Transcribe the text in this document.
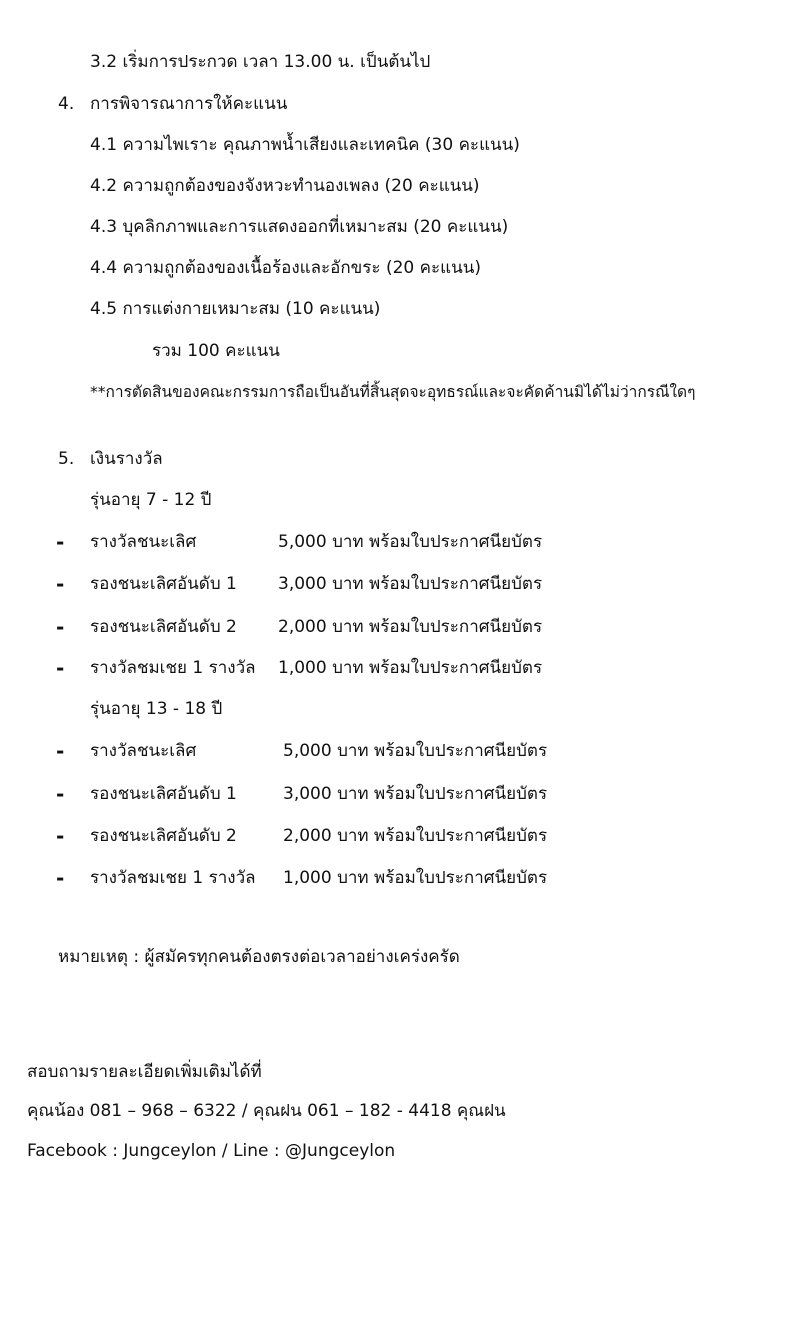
3.2 เริ่มการประกวด เวลา 13.00 น. เป็นต้นไป
4. การพิจารณาการให้คะแนน
4.1 ความไพเราะ คุณภาพน้ำเสียงและเทคนิค (30 คะแนน)
4.2 ความถูกต้องของจังหวะทำนองเพลง (20 คะแนน)
4.3 บุคลิกภาพและการแสดงออกที่เหมาะสม (20 คะแนน)
4.4 ความถูกต้องของเนื้อร้องและอักขระ (20 คะแนน)
4.5 การแต่งกายเหมาะสม (10 คะแนน)
รวม 100 คะแนน
**การตัดสินของคณะกรรมการถือเป็นอันที่สิ้นสุดจะอุทธรณ์และจะคัดค้านมิได้ไม่ว่ากรณีใดๆ
5. เงินรางวัล
รุ่นอายุ 7 - 12 ปี
- รางวัลชนะเลิศ	5,000 บาท พร้อมใบประกาศนียบัตร
- รองชนะเลิศอันดับ 1 3,000 บาท พร้อมใบประกาศนียบัตร
- รองชนะเลิศอันดับ 2 2,000 บาท พร้อมใบประกาศนียบัตร
- รางวัลชมเชย 1 รางวัล 1,000 บาท พร้อมใบประกาศนียบัตร
รุ่นอายุ 13 - 18 ปี
- รางวัลชนะเลิศ	5,000 บาท พร้อมใบประกาศนียบัตร
- รองชนะเลิศอันดับ 1	3,000 บาท พร้อมใบประกาศนียบัตร
- รองชนะเลิศอันดับ 2	2,000 บาท พร้อมใบประกาศนียบัตร
- รางวัลชมเชย 1 รางวัล 1,000 บาท พร้อมใบประกาศนียบัตร
หมายเหตุ : ผู้สมัครทุกคนต้องตรงต่อเวลาอย่างเคร่งครัด
สอบถามรายละเอียดเพิ่มเติมได้ที่
คุณน้อง 081 – 968 – 6322 / คุณฝน 061 – 182 - 4418 คุณฝน
Facebook : Jungceylon / Line : @Jungceylon
